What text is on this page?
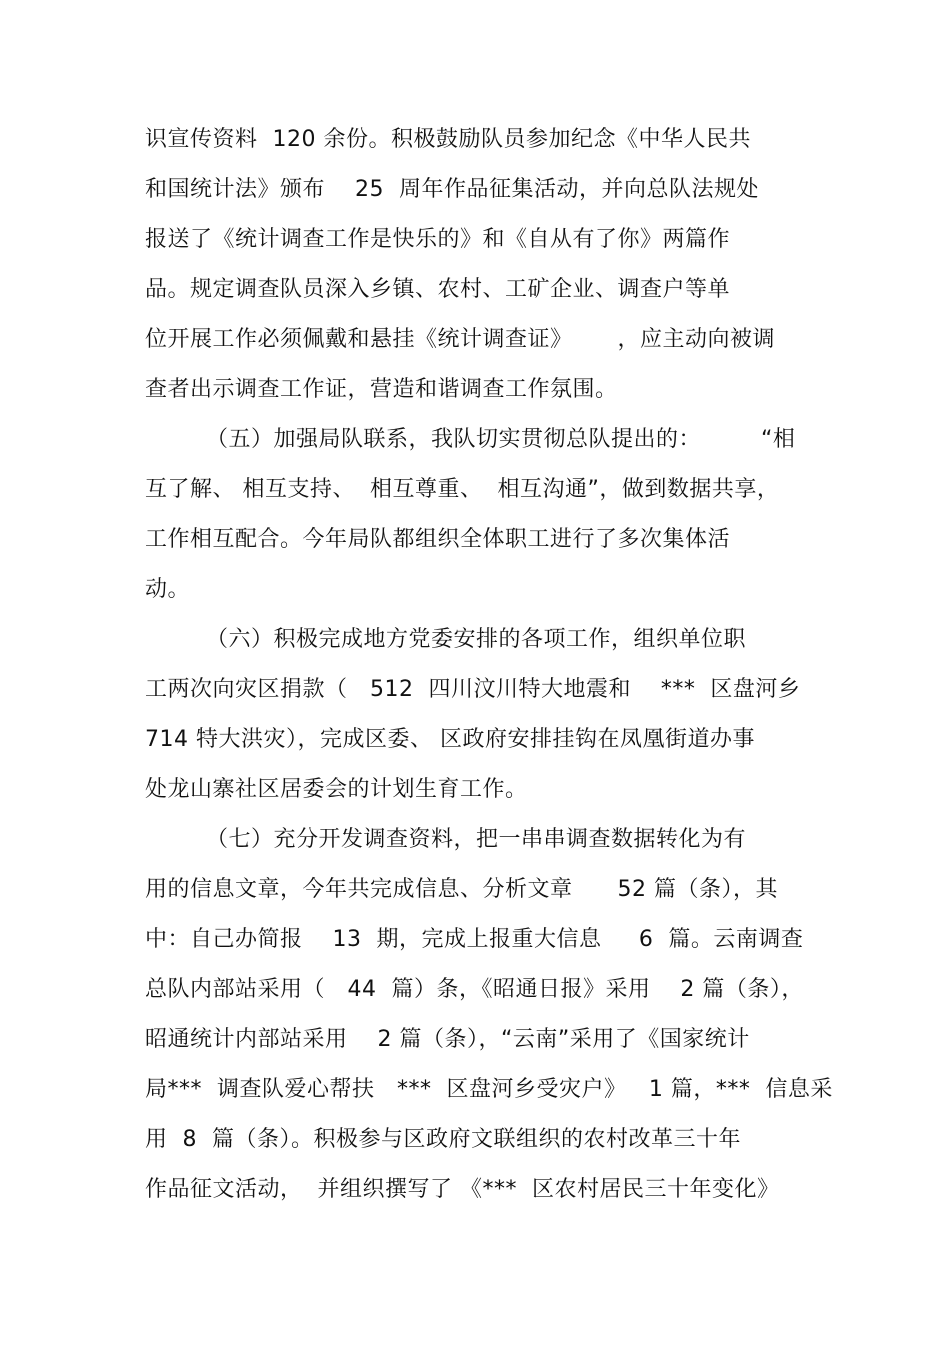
识宣传资料  120 余份。积极鼓励队员参加纪念《中华人民共
和国统计法》颁布    25  周年作品征集活动，并向总队法规处
报送了《统计调查工作是快乐的》和《自从有了你》两篇作
品。规定调查队员深入乡镇、农村、工矿企业、调查户等单
位开展工作必须佩戴和悬挂《统计调查证》      ，应主动向被调
查者出示调查工作证，营造和谐调查工作氛围。
（五）加强局队联系，我队切实贯彻总队提出的：        “相
互了解、 相互支持、  相互尊重、  相互沟通”，做到数据共享，
工作相互配合。今年局队都组织全体职工进行了多次集体活
动。
（六）积极完成地方党委安排的各项工作，组织单位职
工两次向灾区捐款（   512  四川汶川特大地震和    ***  区盘河乡
714 特大洪灾），完成区委、 区政府安排挂钩在凤凰街道办事
处龙山寨社区居委会的计划生育工作。
（七）充分开发调查资料，把一串串调查数据转化为有
用的信息文章，今年共完成信息、分析文章      52 篇（条），其
中：自己办简报    13  期，完成上报重大信息     6  篇。云南调查
总队内部站采用（   44  篇）条，《昭通日报》采用    2 篇（条），
昭通统计内部站采用    2 篇（条），“云南”采用了《国家统计
局***  调查队爱心帮扶   ***  区盘河乡受灾户》   1 篇，***  信息采
用  8  篇（条）。积极参与区政府文联组织的农村改革三十年
作品征文活动，  并组织撰写了 《***  区农村居民三十年变化》
